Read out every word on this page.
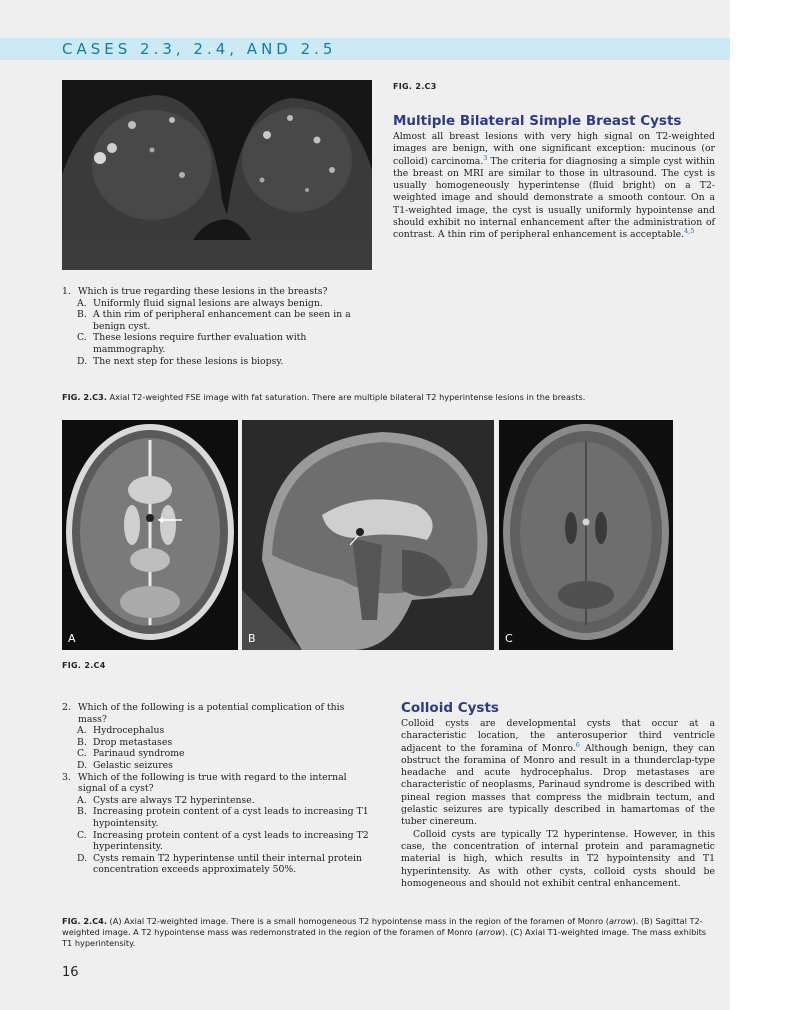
CASES 2.3, 2.4, AND 2.5
FIG. 2.C3
Multiple Bilateral Simple Breast Cysts

Almost all breast lesions with very high signal on T2-weighted images are benign, with one significant exception: mucinous (or colloid) carcinoma.$^3$ The criteria for diagnosing a simple cyst within the breast on MRI are similar to those in ultrasound. The cyst is usually homogeneously hyperintense (fluid bright) on a T2-weighted image and should demonstrate a smooth contour. On a T1-weighted image, the cyst is usually uniformly hypointense and should exhibit no internal enhancement after the administration of contrast. A thin rim of peripheral enhancement is acceptable.$^{4,5}$

1. Which is true regarding these lesions in the breasts?
A. Uniformly fluid signal lesions are always benign.
B. A thin rim of peripheral enhancement can be seen in a benign cyst.
C. These lesions require further evaluation with mammography.
D. The next step for these lesions is biopsy.
FIG. 2.C3. Axial T2-weighted FSE image with fat saturation. There are multiple bilateral T2 hyperintense lesions in the breasts.
A	B	C
FIG. 2.C4
2. Which of the following is a potential complication of this mass?
A. Hydrocephalus
B. Drop metastases
C. Parinaud syndrome
D. Gelastic seizures
3. Which of the following is true with regard to the internal signal of a cyst?
A. Cysts are always T2 hyperintense.
B. Increasing protein content of a cyst leads to increasing T1 hypointensity.
C. Increasing protein content of a cyst leads to increasing T2 hyperintensity.
D. Cysts remain T2 hyperintense until their internal protein concentration exceeds approximately 50%.
Colloid Cysts

Colloid cysts are developmental cysts that occur at a characteristic location, the anterosuperior third ventricle adjacent to the foramina of Monro.$^6$ Although benign, they can obstruct the foramina of Monro and result in a thunderclap-type headache and acute hydrocephalus. Drop metastases are characteristic of neoplasms, Parinaud syndrome is described with pineal region masses that compress the midbrain tectum, and gelastic seizures are typically described in hamartomas of the tuber cinereum.

Colloid cysts are typically T2 hyperintense. However, in this case, the concentration of internal protein and paramagnetic material is high, which results in T2 hypointensity and T1 hyperintensity. As with other cysts, colloid cysts should be homogeneous and should not exhibit central enhancement.

FIG. 2.C4. (A) Axial T2-weighted image. There is a small homogeneous T2 hypointense mass in the region of the foramen of Monro (arrow). (B) Sagittal T2-weighted image. A T2 hypointense mass was redemonstrated in the region of the foramen of Monro (arrow). (C) Axial T1-weighted image. The mass exhibits T1 hyperintensity.
16
